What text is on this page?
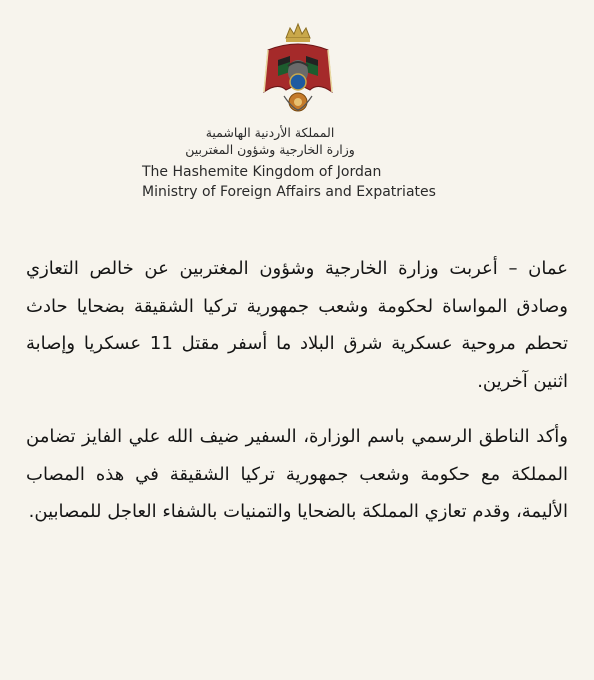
المملكة الأردنية الهاشمية
وزارة الخارجية وشؤون المغتربين
The Hashemite Kingdom of Jordan
Ministry of Foreign Affairs and Expatriates

عمان – أعربت وزارة الخارجية وشؤون المغتربين عن خالص التعازي وصادق المواساة لحكومة وشعب جمهورية تركيا الشقيقة بضحايا حادث تحطم مروحية عسكرية شرق البلاد ما أسفر مقتل 11 عسكريا وإصابة اثنين آخرين.

وأكد الناطق الرسمي باسم الوزارة، السفير ضيف الله علي الفايز تضامن المملكة مع حكومة وشعب جمهورية تركيا الشقيقة في هذه المصاب الأليمة، وقدم تعازي المملكة بالضحايا والتمنيات بالشفاء العاجل للمصابين.
